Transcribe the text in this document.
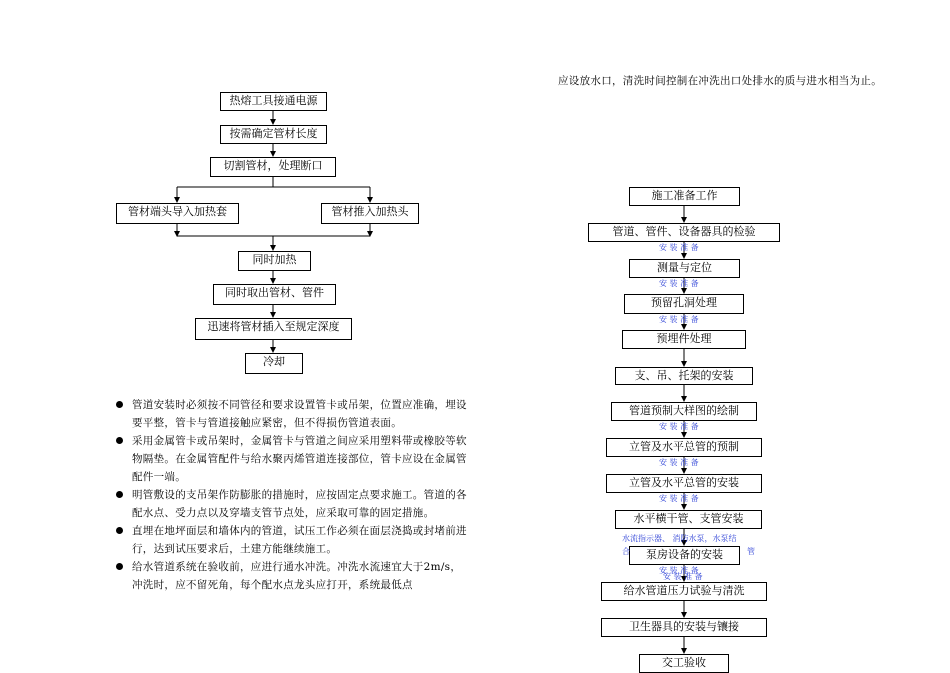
热熔工具接通电源
按需确定管材长度
切割管材，处理断口
管材端头导入加热套	管材推入加热头
同时加热
同时取出管材、管件
迅速将管材插入至规定深度
冷却
管道安装时必须按不同管径和要求设置管卡或吊架，位置应准确，埋设要平整，管卡与管道接触应紧密，但不得损伤管道表面。
采用金属管卡或吊架时，金属管卡与管道之间应采用塑料带或橡胶等软物隔垫。在金属管配件与给水聚丙烯管道连接部位，管卡应设在金属管配件一端。
明管敷设的支吊架作防膨胀的措施时，应按固定点要求施工。管道的各配水点、受力点以及穿墙支管节点处，应采取可靠的固定措施。
直埋在地坪面层和墙体内的管道，试压工作必须在面层浇捣或封堵前进行，达到试压要求后，土建方能继续施工。
给水管道系统在验收前，应进行通水冲洗。冲洗水流速宜大于2m/s，冲洗时，应不留死角，每个配水点龙头应打开，系统最低点
应设放水口，清洗时间控制在冲洗出口处排水的质与进水相当为止。
施工准备工作
管道、管件、设备器具的检验
测量与定位
预留孔洞处理
预埋件处理
支、吊、托架的安装
管道预制大样图的绘制
立管及水平总管的预制
立管及水平总管的安装
水平横干管、支管安装
泵房设备的安装
给水管道压力试验与清洗
卫生器具的安装与镶接
交工验收
安 装 准 备
安 装 准 备
安 装 准 备
安 装 准 备
安 装 准 备
安 装 准 备
水流指示器、 消防水泵，水泵结
合	管
安 装 准 备
安 装 准 备
